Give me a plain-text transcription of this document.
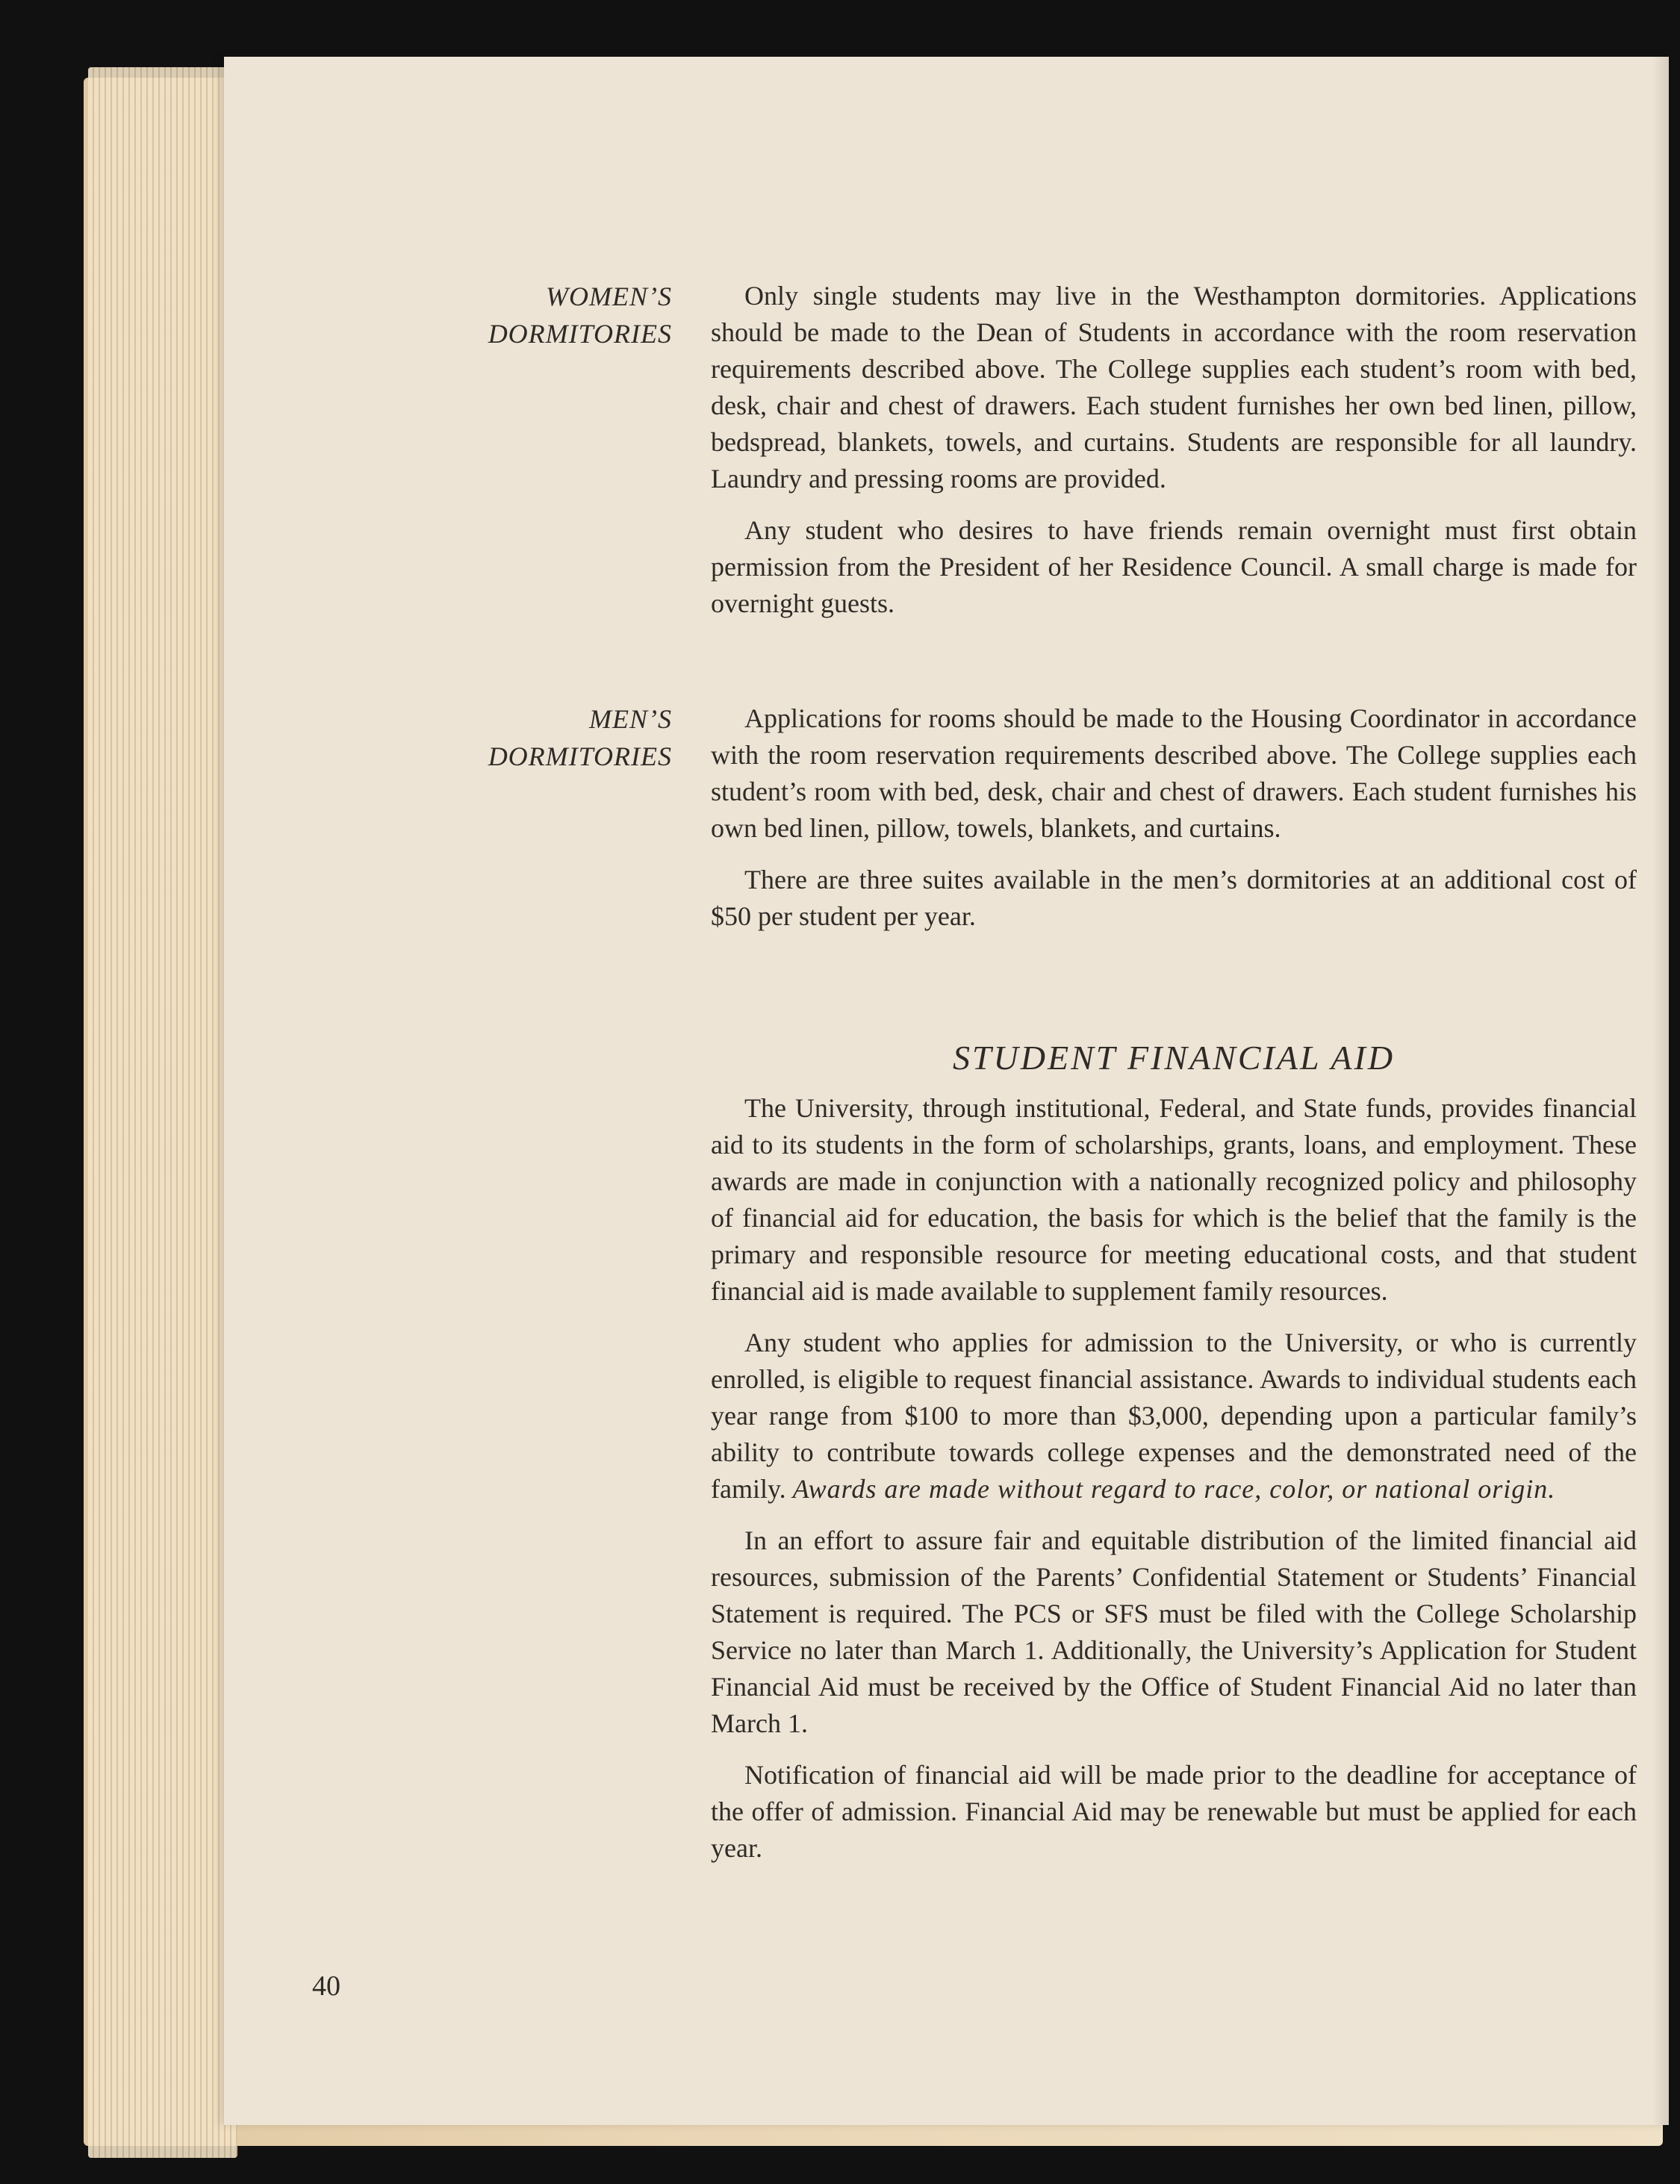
WOMEN’S
DORMITORIES

Only single students may live in the Westhampton dormitories. Applications should be made to the Dean of Students in accordance with the room reservation requirements described above. The College supplies each student’s room with bed, desk, chair and chest of drawers. Each student furnishes her own bed linen, pillow, bedspread, blankets, towels, and curtains. Students are responsible for all laundry. Laundry and pressing rooms are provided.

Any student who desires to have friends remain overnight must first obtain permission from the President of her Residence Council. A small charge is made for overnight guests.

MEN’S
DORMITORIES

Applications for rooms should be made to the Housing Coordinator in accordance with the room reservation requirements described above. The College supplies each student’s room with bed, desk, chair and chest of drawers. Each student furnishes his own bed linen, pillow, towels, blankets, and curtains.

There are three suites available in the men’s dormitories at an additional cost of $50 per student per year.

STUDENT FINANCIAL AID

The University, through institutional, Federal, and State funds, provides financial aid to its students in the form of scholarships, grants, loans, and employment. These awards are made in conjunction with a nationally recognized policy and philosophy of financial aid for education, the basis for which is the belief that the family is the primary and responsible resource for meeting educational costs, and that student financial aid is made available to supplement family resources.

Any student who applies for admission to the University, or who is currently enrolled, is eligible to request financial assistance. Awards to individual students each year range from $100 to more than $3,000, depending upon a particular family’s ability to contribute towards college expenses and the demonstrated need of the family. Awards are made without regard to race, color, or national origin.

In an effort to assure fair and equitable distribution of the limited financial aid resources, submission of the Parents’ Confidential Statement or Students’ Financial Statement is required. The PCS or SFS must be filed with the College Scholarship Service no later than March 1. Additionally, the University’s Application for Student Financial Aid must be received by the Office of Student Financial Aid no later than March 1.

Notification of financial aid will be made prior to the deadline for acceptance of the offer of admission. Financial Aid may be renewable but must be applied for each year.

40
